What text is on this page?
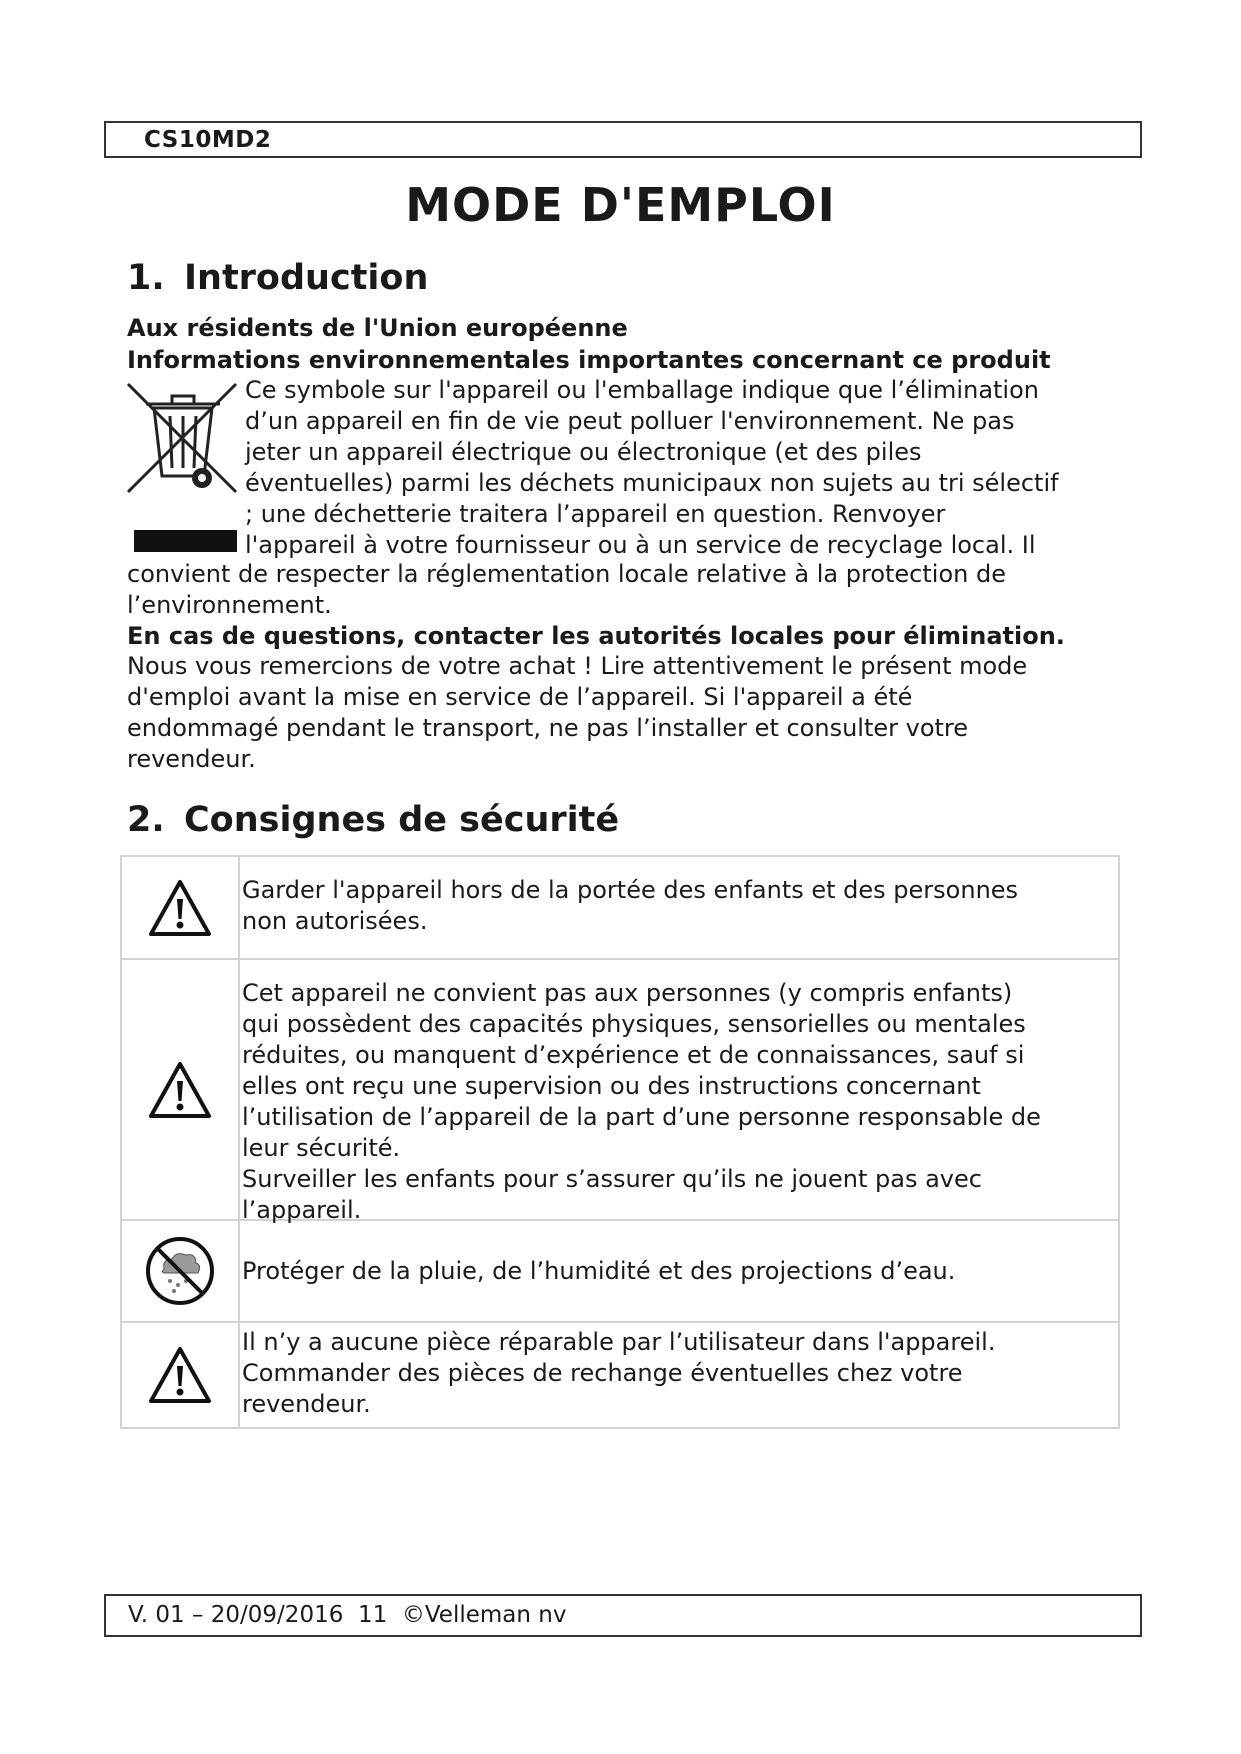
CS10MD2
MODE D'EMPLOI
1. Introduction
Aux résidents de l'Union européenne
Informations environnementales importantes concernant ce produit
Ce symbole sur l'appareil ou l'emballage indique que l’élimination
d’un appareil en fin de vie peut polluer l'environnement. Ne pas
jeter un appareil électrique ou électronique (et des piles
éventuelles) parmi les déchets municipaux non sujets au tri sélectif
; une déchetterie traitera l’appareil en question. Renvoyer
l'appareil à votre fournisseur ou à un service de recyclage local. Il
convient de respecter la réglementation locale relative à la protection de
l’environnement.
En cas de questions, contacter les autorités locales pour élimination.
Nous vous remercions de votre achat ! Lire attentivement le présent mode
d'emploi avant la mise en service de l’appareil. Si l'appareil a été
endommagé pendant le transport, ne pas l’installer et consulter votre
revendeur.
2. Consignes de sécurité
Garder l'appareil hors de la portée des enfants et des personnes
non autorisées.
Cet appareil ne convient pas aux personnes (y compris enfants)
qui possèdent des capacités physiques, sensorielles ou mentales
réduites, ou manquent d’expérience et de connaissances, sauf si
elles ont reçu une supervision ou des instructions concernant
l’utilisation de l’appareil de la part d’une personne responsable de
leur sécurité.
Surveiller les enfants pour s’assurer qu’ils ne jouent pas avec
l’appareil.
Protéger de la pluie, de l’humidité et des projections d’eau.
Il n’y a aucune pièce réparable par l’utilisateur dans l'appareil.
Commander des pièces de rechange éventuelles chez votre
revendeur.
V. 01 – 20/09/2016  11  ©Velleman nv
